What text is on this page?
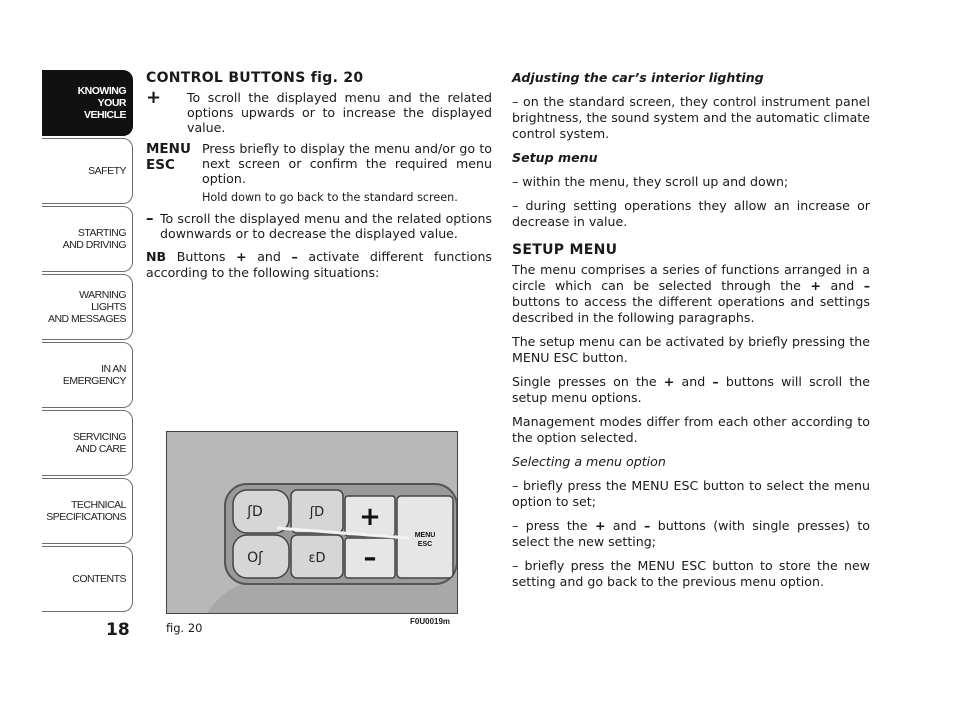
KNOWING
YOUR
VEHICLE
SAFETY
STARTING
AND DRIVING
WARNING LIGHTS
AND MESSAGES
IN AN
EMERGENCY
SERVICING
AND CARE
TECHNICAL
SPECIFICATIONS
CONTENTS
18

CONTROL BUTTONS fig. 20

+	To scroll the displayed menu and the related options upwards or to increase the displayed value.
MENU
ESC
Press briefly to display the menu and/or go to next screen or confirm the required menu option.
Hold down to go back to the standard screen.
– To scroll the displayed menu and the related options downwards or to decrease the displayed value.

NB Buttons + and – activate different functions according to the following situations:

ʃD
Oʃ
ʃD
ɛD
+
–
MENU
ESC
fig. 20	F0U0019m

Adjusting the car’s interior lighting

– on the standard screen, they control instrument panel brightness, the sound system and the automatic climate control system.

Setup menu

– within the menu, they scroll up and down;

– during setting operations they allow an increase or decrease in value.

SETUP MENU

The menu comprises a series of functions arranged in a circle which can be selected through the + and – buttons to access the different operations and settings described in the following paragraphs.

The setup menu can be activated by briefly pressing the MENU ESC button.

Single presses on the + and – buttons will scroll the setup menu options.

Management modes differ from each other according to the option selected.

Selecting a menu option

– briefly press the MENU ESC button to select the menu option to set;

– press the + and – buttons (with single presses) to select the new setting;

– briefly press the MENU ESC button to store the new setting and go back to the previous menu option.
